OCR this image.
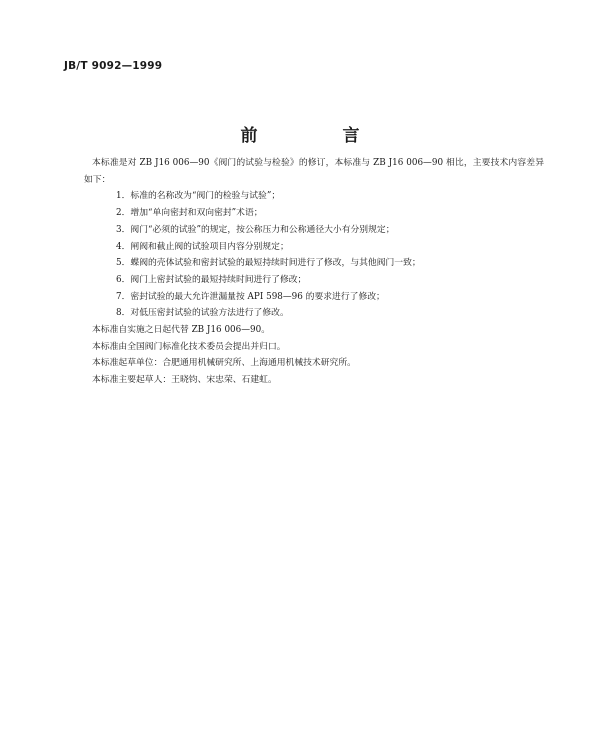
JB/T 9092—1999
前　言

本标准是对 ZB J16 006—90《阀门的试验与检验》的修订，本标准与 ZB J16 006—90 相比，主要技术内容差异如下：

1．标准的名称改为“阀门的检验与试验”；
2．增加“单向密封和双向密封”术语；
3．阀门“必须的试验”的规定，按公称压力和公称通径大小有分别规定；
4．闸阀和截止阀的试验项目内容分别规定；
5．蝶阀的壳体试验和密封试验的最短持续时间进行了修改，与其他阀门一致；
6．阀门上密封试验的最短持续时间进行了修改；
7．密封试验的最大允许泄漏量按 API 598—96 的要求进行了修改；
8．对低压密封试验的试验方法进行了修改。

本标准自实施之日起代替 ZB J16 006—90。

本标准由全国阀门标准化技术委员会提出并归口。

本标准起草单位：合肥通用机械研究所、上海通用机械技术研究所。

本标准主要起草人：王晓钧、宋忠荣、石建虹。
